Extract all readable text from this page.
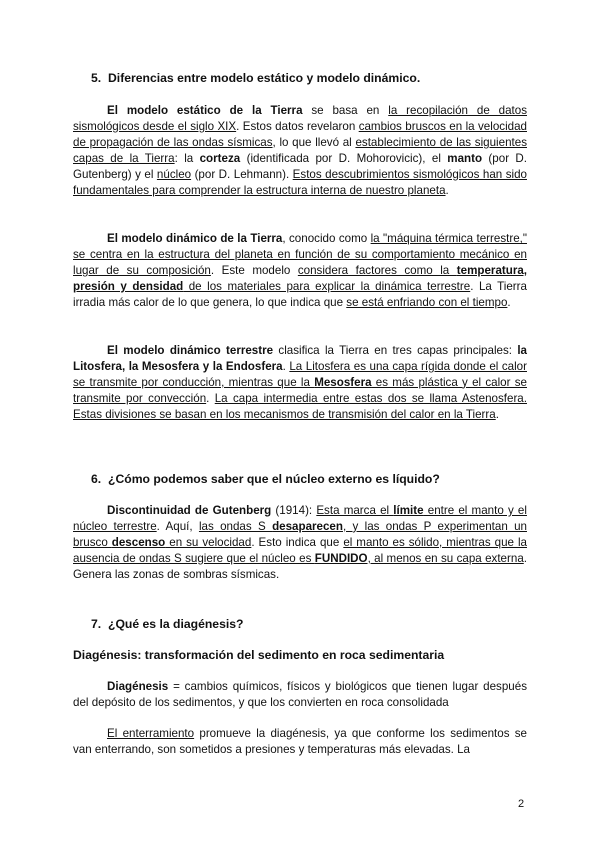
5. Diferencias entre modelo estático y modelo dinámico.

El modelo estático de la Tierra se basa en la recopilación de datos sismológicos desde el siglo XIX. Estos datos revelaron cambios bruscos en la velocidad de propagación de las ondas sísmicas, lo que llevó al establecimiento de las siguientes capas de la Tierra: la corteza (identificada por D. Mohorovicic), el manto (por D. Gutenberg) y el núcleo (por D. Lehmann). Estos descubrimientos sismológicos han sido fundamentales para comprender la estructura interna de nuestro planeta.

El modelo dinámico de la Tierra, conocido como la "máquina térmica terrestre," se centra en la estructura del planeta en función de su comportamiento mecánico en lugar de su composición. Este modelo considera factores como la temperatura, presión y densidad de los materiales para explicar la dinámica terrestre. La Tierra irradia más calor de lo que genera, lo que indica que se está enfriando con el tiempo.

El modelo dinámico terrestre clasifica la Tierra en tres capas principales: la Litosfera, la Mesosfera y la Endosfera. La Litosfera es una capa rígida donde el calor se transmite por conducción, mientras que la Mesosfera es más plástica y el calor se transmite por convección. La capa intermedia entre estas dos se llama Astenosfera. Estas divisiones se basan en los mecanismos de transmisión del calor en la Tierra.

6. ¿Cómo podemos saber que el núcleo externo es líquido?

Discontinuidad de Gutenberg (1914): Esta marca el límite entre el manto y el núcleo terrestre. Aquí, las ondas S desaparecen, y las ondas P experimentan un brusco descenso en su velocidad. Esto indica que el manto es sólido, mientras que la ausencia de ondas S sugiere que el núcleo es FUNDIDO, al menos en su capa externa. Genera las zonas de sombras sísmicas.

7. ¿Qué es la diagénesis?
Diagénesis: transformación del sedimento en roca sedimentaria

Diagénesis = cambios químicos, físicos y biológicos que tienen lugar después del depósito de los sedimentos, y que los convierten en roca consolidada

El enterramiento promueve la diagénesis, ya que conforme los sedimentos se van enterrando, son sometidos a presiones y temperaturas más elevadas. La

2
